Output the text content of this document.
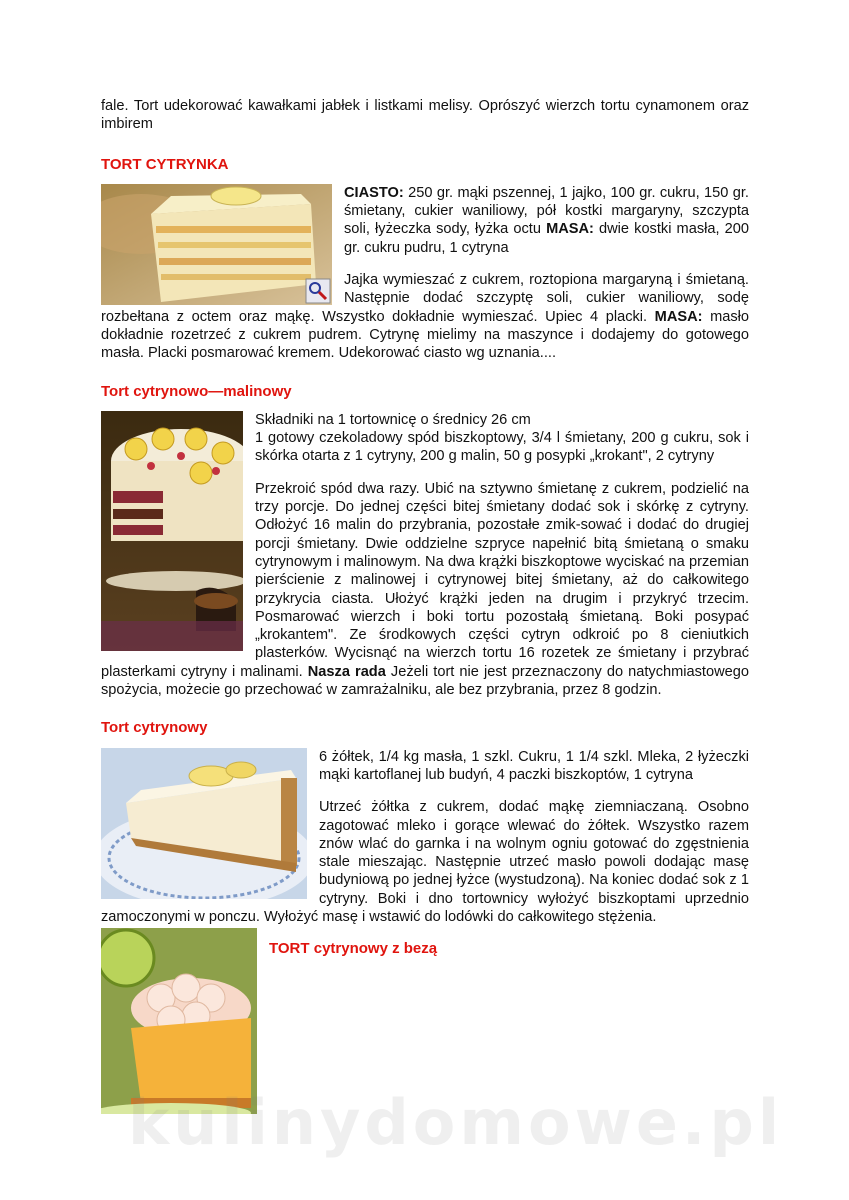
fale. Tort udekorować kawałkami jabłek i listkami melisy. Oprószyć wierzch tortu cynamonem oraz imbirem

TORT CYTRYNKA

CIASTO: 250 gr. mąki pszennej, 1 jajko, 100 gr. cukru, 150 gr. śmietany, cukier waniliowy, pół kostki margaryny, szczypta soli, łyżeczka sody, łyżka octu MASA: dwie kostki masła, 200 gr. cukru pudru, 1 cytryna

Jajka wymieszać z cukrem, roztopiona margaryną i śmietaną. Następnie dodać szczyptę soli, cukier waniliowy, sodę rozbełtana z octem oraz mąkę. Wszystko dokładnie wymieszać. Upiec 4 placki. MASA: masło dokładnie rozetrzeć z cukrem pudrem. Cytrynę mielimy na maszynce i dodajemy do gotowego masła. Placki posmarować kremem. Udekorować ciasto wg uznania....

Tort cytrynowo—malinowy

Składniki na 1 tortownicę o średnicy 26 cm

1 gotowy czekoladowy spód biszkoptowy, 3/4 l śmietany, 200 g cukru, sok i skórka otarta z 1 cytryny, 200 g malin, 50 g posypki „krokant", 2 cytryny

Przekroić spód dwa razy. Ubić na sztywno śmietanę z cukrem, podzielić na trzy porcje. Do jednej części bitej śmietany dodać sok i skórkę z cytryny. Odłożyć 16 malin do przybrania, pozostałe zmik-sować i dodać do drugiej porcji śmietany. Dwie oddzielne szpryce napełnić bitą śmietaną o smaku cytrynowym i malinowym. Na dwa krążki biszkoptowe wyciskać na przemian pierścienie z malinowej i cytrynowej bitej śmietany, aż do całkowitego przykrycia ciasta. Ułożyć krążki jeden na drugim i przykryć trzecim. Posmarować wierzch i boki tortu pozostałą śmietaną. Boki posypać „krokantem". Ze środkowych części cytryn odkroić po 8 cieniutkich plasterków. Wycisnąć na wierzch tortu 16 rozetek ze śmietany i przybrać plasterkami cytryny i malinami. Nasza rada Jeżeli tort nie jest przeznaczony do natychmiastowego spożycia, możecie go przechować w zamrażalniku, ale bez przybrania, przez 8 godzin.

Tort cytrynowy

6 żółtek, 1/4 kg masła, 1 szkl. Cukru, 1 1/4 szkl. Mleka, 2 łyżeczki mąki kartoflanej lub budyń, 4 paczki biszkoptów, 1 cytryna

Utrzeć żółtka z cukrem, dodać mąkę ziemniaczaną. Osobno zagotować mleko i gorące wlewać do żółtek. Wszystko razem znów wlać do garnka i na wolnym ogniu gotować do zgęstnienia stale mieszając. Następnie utrzeć masło powoli dodając masę budyniową po jednej łyżce (wystudzoną). Na koniec dodać sok z 1 cytryny. Boki i dno tortownicy wyłożyć biszkoptami uprzednio zamoczonymi w ponczu. Wyłożyć masę i wstawić do lodówki do całkowitego stężenia.

TORT cytrynowy z bezą
kulinydomowe.pl
